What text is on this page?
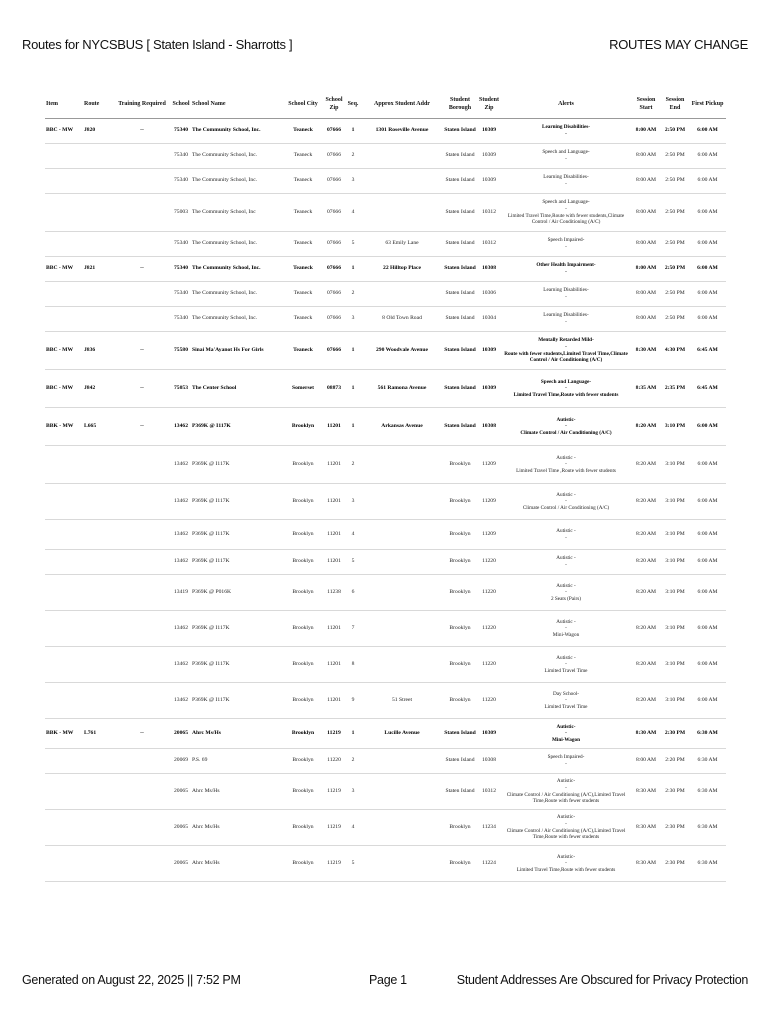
Routes for NYCSBUS [ Staten Island - Sharrotts ]	ROUTES MAY CHANGE
Item	Route	Training Required	School	School Name	School City	School Zip	Seq.	Approx Student Addr	Student Borough	Student Zip	Alerts	Session Start	Session End	First Pickup
BBC - MW	J820	--	75340	The Community School, Inc.	Teaneck	07666	1	1301 Roseville Avenue	Staten Island	10309	Learning Disabilities-
-	8:00 AM	2:50 PM	6:00 AM
			75340	The Community School, Inc.	Teaneck	07666	2		Staten Island	10309	Speech and Language-
-	8:00 AM	2:50 PM	6:00 AM
			75340	The Community School, Inc.	Teaneck	07666	3		Staten Island	10309	Learning Disabilities-
-	8:00 AM	2:50 PM	6:00 AM
			75003	The Community School, Inc	Teaneck	07666	4		Staten Island	10312	Speech and Language-
-
Limited Travel Time,Route with fewer students,Climate
Control / Air Conditioning (A/C)	8:00 AM	2:50 PM	6:00 AM
			75340	The Community School, Inc.	Teaneck	07666	5	63 Emily Lane	Staten Island	10312	Speech Impaired-
-	8:00 AM	2:50 PM	6:00 AM
BBC - MW	J821	--	75340	The Community School, Inc.	Teaneck	07666	1	22 Hilltop Place	Staten Island	10308	Other Health Impairment-
-	8:00 AM	2:50 PM	6:00 AM
			75340	The Community School, Inc.	Teaneck	07666	2		Staten Island	10306	Learning Disabilities-
-	8:00 AM	2:50 PM	6:00 AM
			75340	The Community School, Inc.	Teaneck	07666	3	8 Old Town Road	Staten Island	10304	Learning Disabilities-
-	8:00 AM	2:50 PM	6:00 AM
BBC - MW	J836	--	75580	Sinai Ma'Ayanot Hs For Girls	Teaneck	07666	1	290 Woodvale Avenue	Staten Island	10309	Mentally Retarded Mild-
-
Route with fewer students,Limited Travel Time,Climate
Control / Air Conditioning (A/C)	8:30 AM	4:30 PM	6:45 AM
BBC - MW	J842	--	75053	The Center School	Somerset	08873	1	561 Ramona Avenue	Staten Island	10309	Speech and Language-
-
Limited Travel Time,Route with fewer students	8:35 AM	2:35 PM	6:45 AM
BBK - MW	L665	--	13462	P369K @ I117K	Brooklyn	11201	1	Arkansas Avenue	Staten Island	10308	Autistic-
-
Climate Control / Air Conditioning (A/C)	8:20 AM	3:10 PM	6:00 AM
			13462	P369K @ I117K	Brooklyn	11201	2		Brooklyn	11209	Autistic -
-
Limited Travel Time ,Route with fewer students	8:20 AM	3:10 PM	6:00 AM
			13462	P369K @ I117K	Brooklyn	11201	3		Brooklyn	11209	Autistic -
-
Climate Control / Air Conditioning (A/C)	8:20 AM	3:10 PM	6:00 AM
			13462	P369K @ I117K	Brooklyn	11201	4		Brooklyn	11209	Autistic -
-	8:20 AM	3:10 PM	6:00 AM
			13462	P369K @ I117K	Brooklyn	11201	5		Brooklyn	11220	Autistic -
-	8:20 AM	3:10 PM	6:00 AM
			13419	P369K @ P016K	Brooklyn	11238	6		Brooklyn	11220	Autistic -
-
2 Seats (Pairs)	8:20 AM	3:10 PM	6:00 AM
			13462	P369K @ I117K	Brooklyn	11201	7		Brooklyn	11220	Autistic -
-
Mini-Wagon	8:20 AM	3:10 PM	6:00 AM
			13462	P369K @ I117K	Brooklyn	11201	8		Brooklyn	11220	Autistic -
-
Limited Travel Time	8:20 AM	3:10 PM	6:00 AM
			13462	P369K @ I117K	Brooklyn	11201	9	51 Street	Brooklyn	11220	Day School-
-
Limited Travel Time	8:20 AM	3:10 PM	6:00 AM
BBK - MW	L761	--	20065	Ahrc Ms/Hs	Brooklyn	11219	1	Lucille Avenue	Staten Island	10309	Autistic-
-
Mini-Wagon	8:30 AM	2:30 PM	6:30 AM
			20069	P.S. 69	Brooklyn	11220	2		Staten Island	10308	Speech Impaired-
-	8:00 AM	2:20 PM	6:30 AM
			20065	Ahrc Ms/Hs	Brooklyn	11219	3		Staten Island	10312	Autistic-
-
Climate Control / Air Conditioning (A/C),Limited Travel
Time,Route with fewer students	8:30 AM	2:30 PM	6:30 AM
			20065	Ahrc Ms/Hs	Brooklyn	11219	4		Brooklyn	11234	Autistic-
-
Climate Control / Air Conditioning (A/C),Limited Travel
Time,Route with fewer students	8:30 AM	2:30 PM	6:30 AM
			20065	Ahrc Ms/Hs	Brooklyn	11219	5		Brooklyn	11224	Autistic-
-
Limited Travel Time,Route with fewer students	8:30 AM	2:30 PM	6:30 AM
Generated on August 22, 2025 || 7:52 PM	Page 1	Student Addresses Are Obscured for Privacy Protection
